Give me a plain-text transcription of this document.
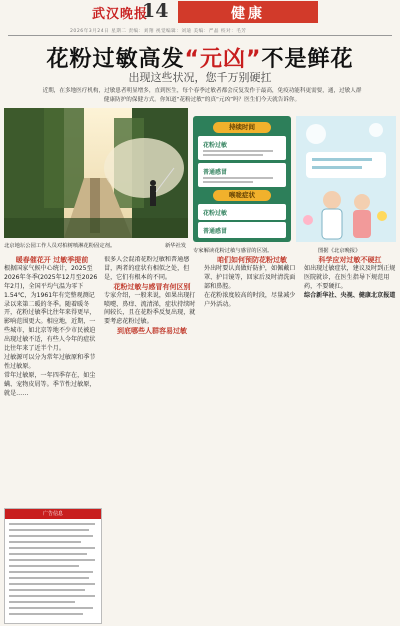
武汉晚报
14	健康
2026年3月24日 星期二 责编：刘翔 视觉编辑：刘迪 美编：严晶 校对：毛芳
花粉过敏高发“元凶”不是鲜花
出现这些状况，您千万别硬扛
近期，在多地医疗机构，过敏患者明显增多，直到医生，每个春季过敏者都会反复发作于最高，免疫功能科更需要，通，过敏人群健康防护的保健方式。你知道“花粉过敏”的真“元凶”吗？医生们今天就告诉你。
北京地坛公园工作人员对柏树喷淋花粉固定剂。	新华社发
持续时间
花粉过敏
普通感冒
喉咙症状
花粉过敏
普通感冒
专家解读花粉过敏与感冒的区别。	图据《北京晚报》

暖春催花开 过敏季提前

根据国家气候中心统计，2025至2026年冬季(2025年12月至2026年2月)，全国平均气温为零下1.54℃，为1961年有完整观测记录以来第二暖的冬季。随着暖冬开，花粉过敏季比往年来得更早，影响范围更大。相应地，近期，一些城市，如北京等地不少市民被迫出现过敏不适，有些人今年的症状比往年来了近半个月。

过敏源可以分为常年过敏原和季节性过敏原。

常年过敏原，一年四季存在，如尘螨、宠物皮屑等。季节性过敏原，就是……

广告信息

很多人会混淆花粉过敏和普通感冒，两者的症状有相似之处，但是，它们有根本的不同。

花粉过敏与感冒有何区别

专家介绍，一般来说，如果出现打喷嚏、鼻痒、流清涕，症状持续时间较长，且在花粉季反复出现，就要考虑花粉过敏。

到底哪些人群容易过敏

咱们如何预防花粉过敏

外出时要认真做好防护，如佩戴口罩、护目镜等，回家后及时清洗面部和鼻腔。

在花粉浓度较高的时段，尽量减少户外活动。

科学应对过敏不硬扛

如出现过敏症状，建议及时到正规医院就诊，在医生指导下规范用药，不要硬扛。

综合新华社、央视、健康北京报道
